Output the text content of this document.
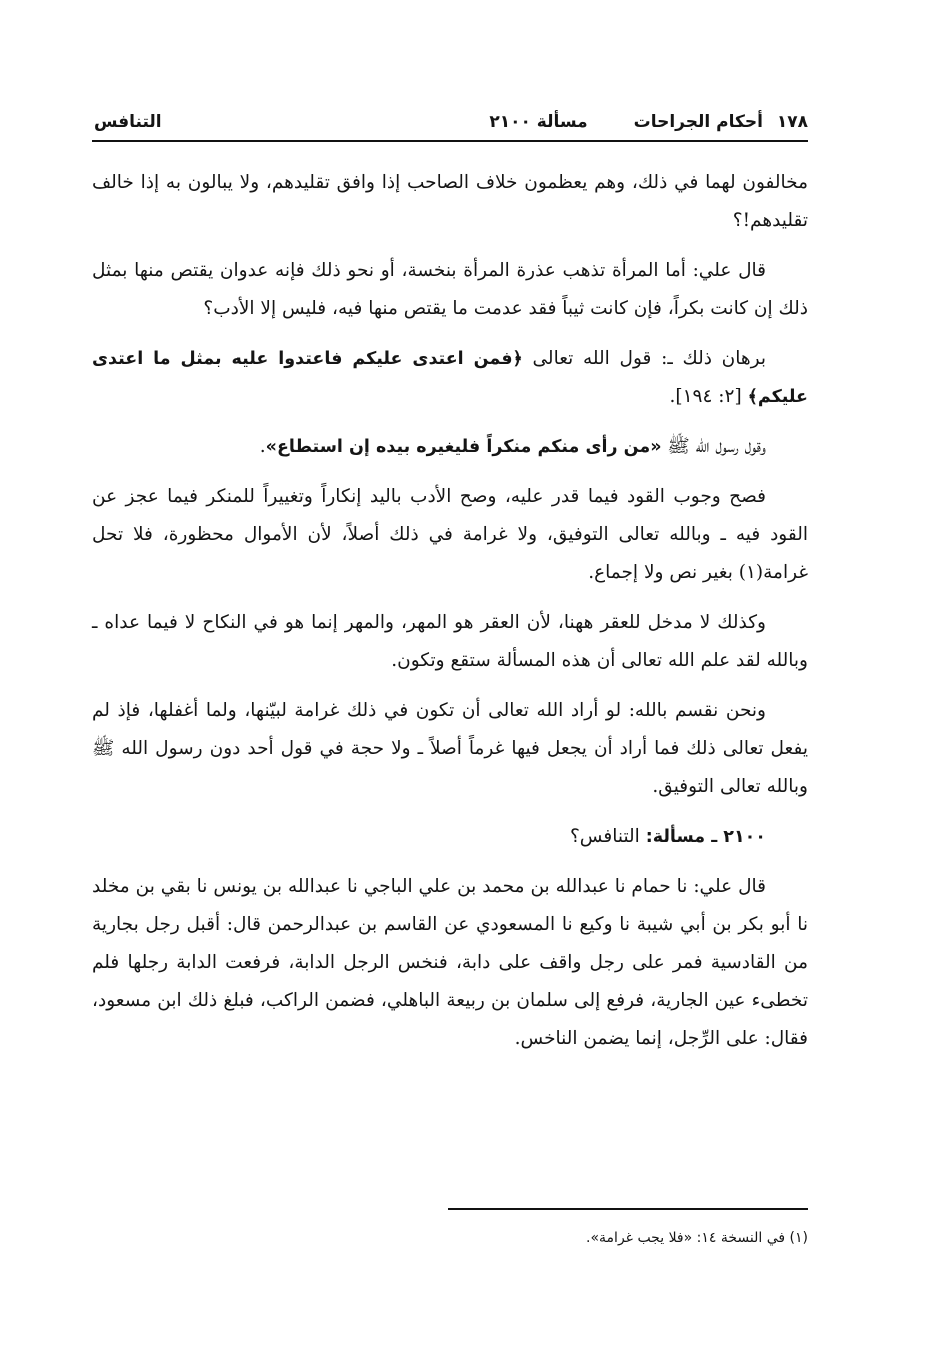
١٧٨ أحكام الجراحات مسألة ٢١٠٠
التنافس

مخالفون لهما في ذلك، وهم يعظمون خلاف الصاحب إذا وافق تقليدهم، ولا يبالون به إذا خالف تقليدهم!؟

قال علي: أما المرأة تذهب عذرة المرأة بنخسة، أو نحو ذلك فإنه عدوان يقتص منها بمثل ذلك إن كانت بكراً، فإن كانت ثيباً فقد عدمت ما يقتص منها فيه، فليس إلا الأدب؟

برهان ذلك ـ: قول الله تعالى ﴿فمن اعتدى عليكم فاعتدوا عليه بمثل ما اعتدى عليكم﴾ [٢: ١٩٤].

وقول رسول الله ﷺ «من رأى منكم منكراً فليغيره بيده إن استطاع».

فصح وجوب القود فيما قدر عليه، وصح الأدب باليد إنكاراً وتغييراً للمنكر فيما عجز عن القود فيه ـ وبالله تعالى التوفيق، ولا غرامة في ذلك أصلاً، لأن الأموال محظورة، فلا تحل غرامة(١) بغير نص ولا إجماع.

وكذلك لا مدخل للعقر ههنا، لأن العقر هو المهر، والمهر إنما هو في النكاح لا فيما عداه ـ وبالله لقد علم الله تعالى أن هذه المسألة ستقع وتكون.

ونحن نقسم بالله: لو أراد الله تعالى أن تكون في ذلك غرامة لبيّنها، ولما أغفلها، فإذ لم يفعل تعالى ذلك فما أراد أن يجعل فيها غرماً أصلاً ـ ولا حجة في قول أحد دون رسول الله ﷺ وبالله تعالى التوفيق.

٢١٠٠ ـ مسألة: التنافس؟

قال علي: نا حمام نا عبدالله بن محمد بن علي الباجي نا عبدالله بن يونس نا بقي بن مخلد نا أبو بكر بن أبي شيبة نا وكيع نا المسعودي عن القاسم بن عبدالرحمن قال: أقبل رجل بجارية من القادسية فمر على رجل واقف على دابة، فنخس الرجل الدابة، فرفعت الدابة رجلها فلم تخطىء عين الجارية، فرفع إلى سلمان بن ربيعة الباهلي، فضمن الراكب، فبلغ ذلك ابن مسعود، فقال: على الرِّجل، إنما يضمن الناخس.

(١) في النسخة ١٤: «فلا يجب غرامة».
